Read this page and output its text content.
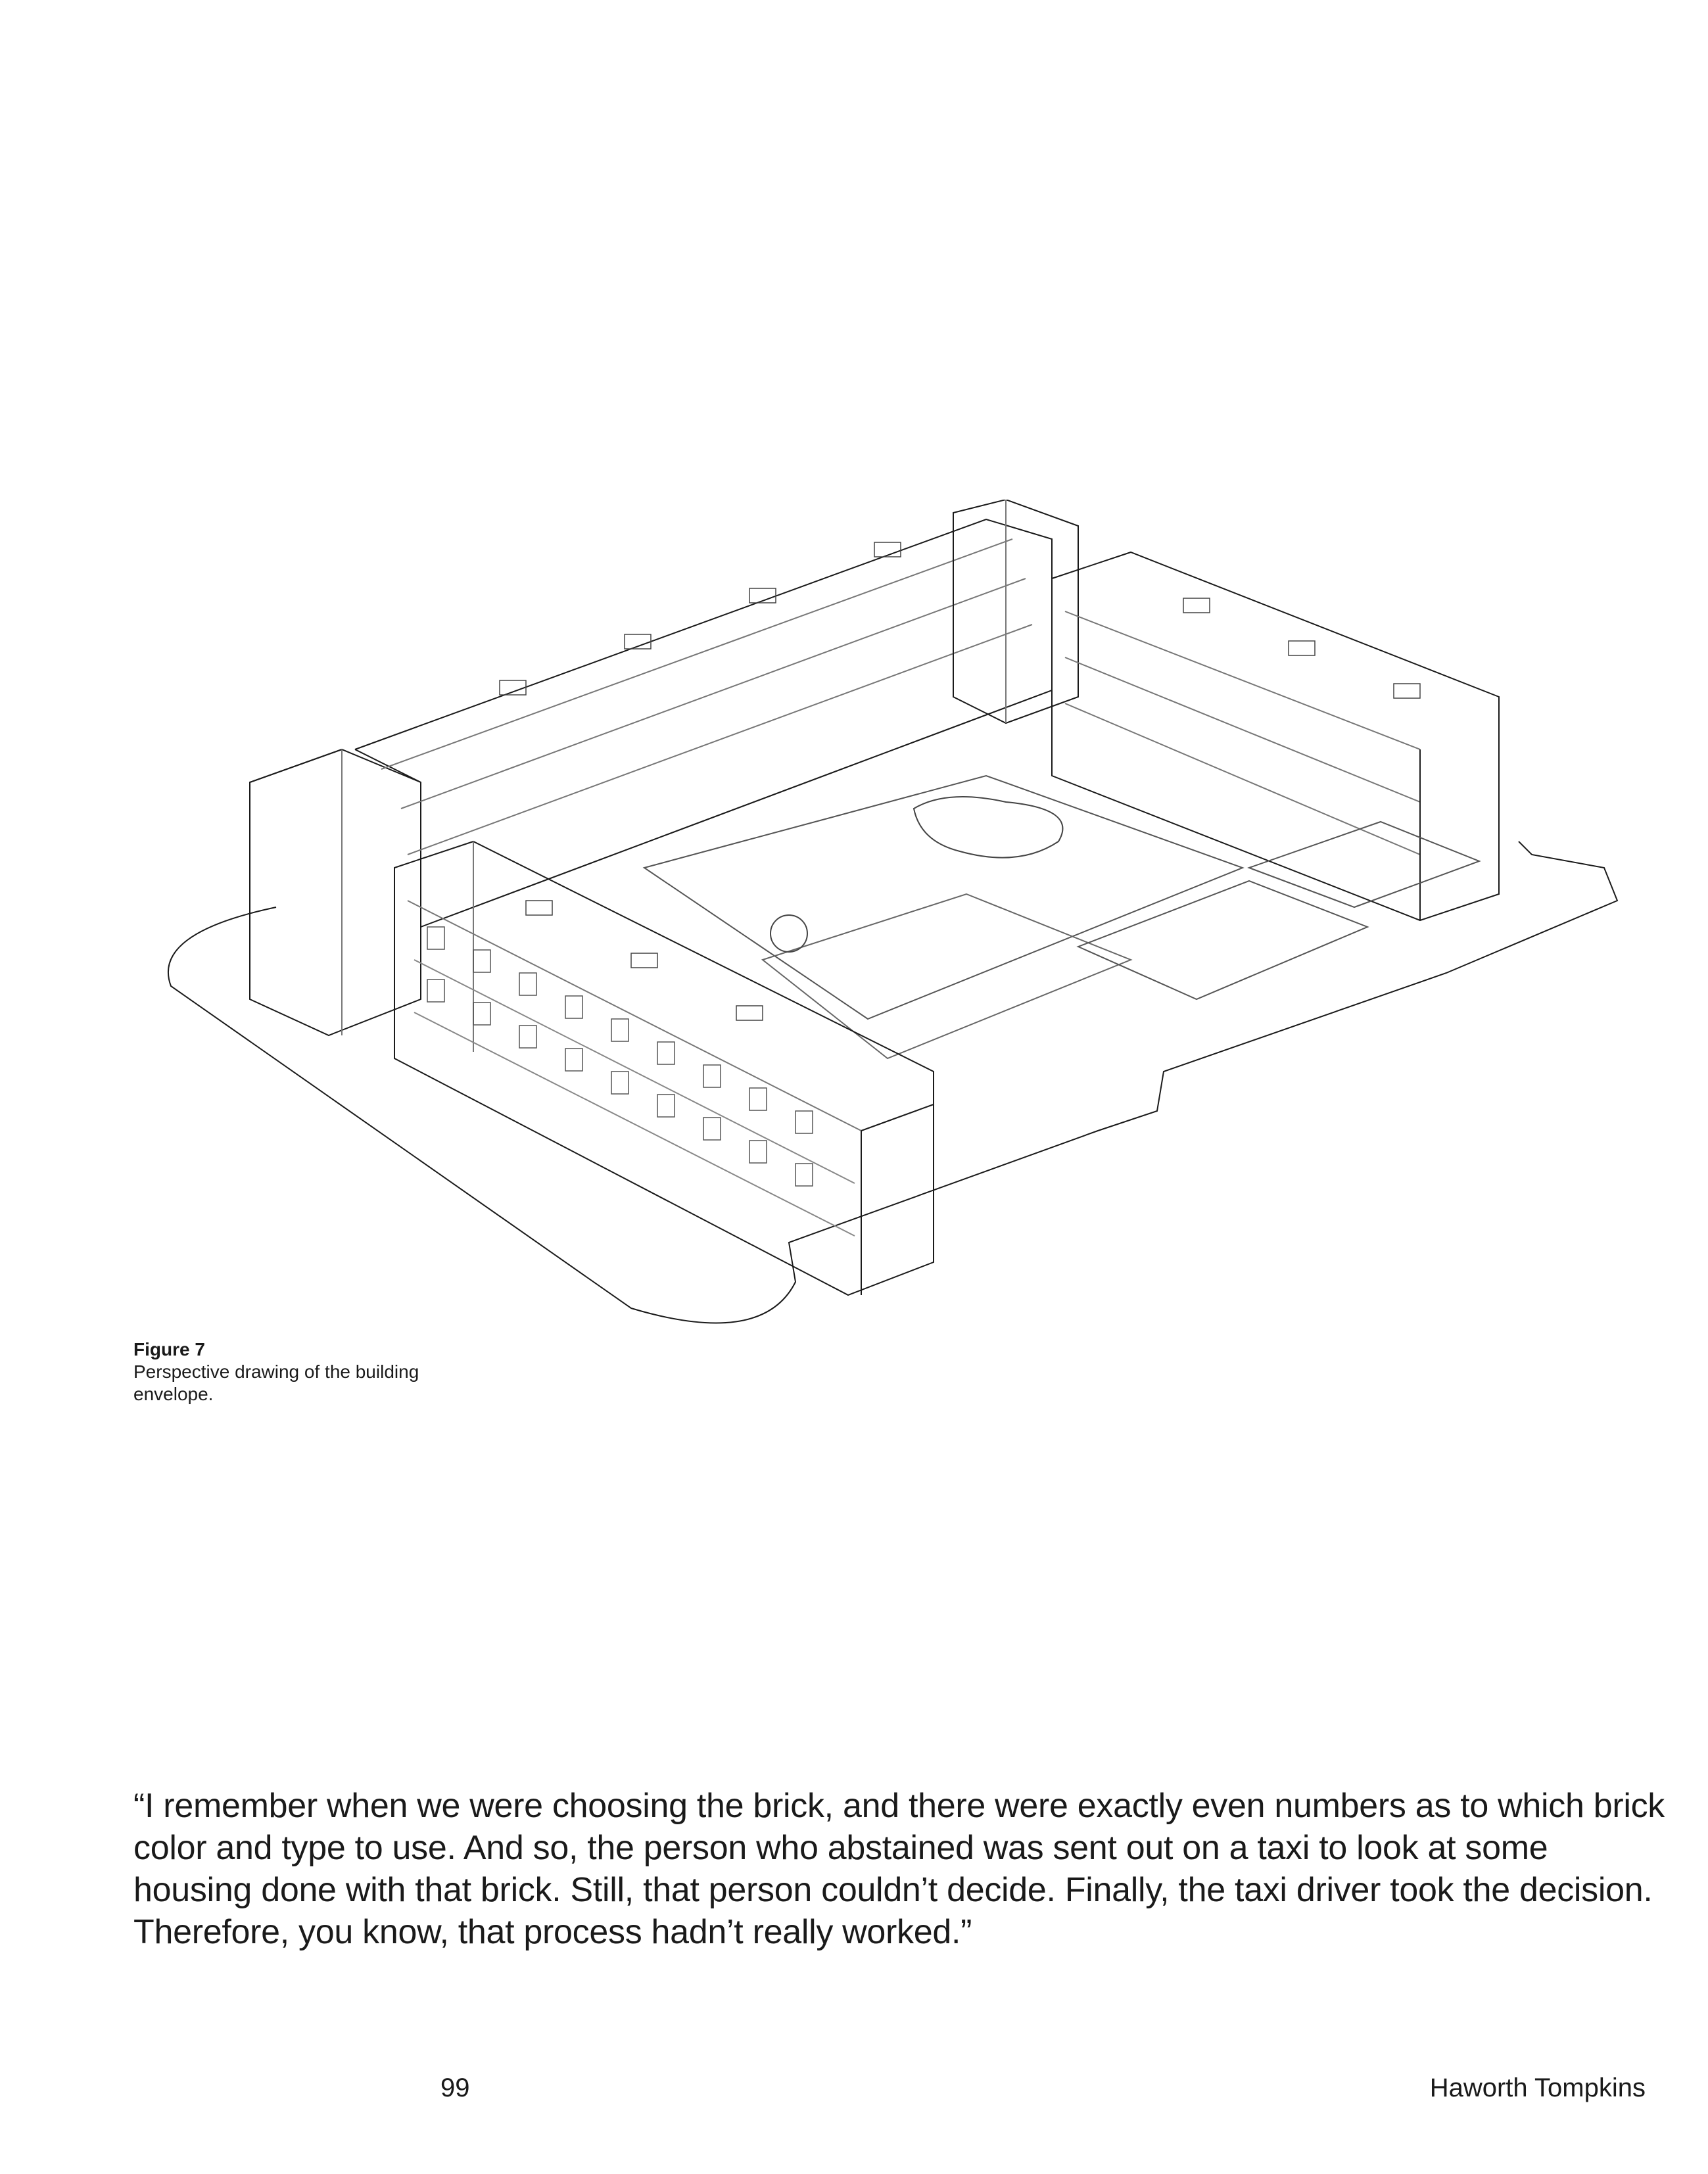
Figure 7
Perspective drawing of the building envelope.
“I remember when we were choosing the brick, and there were exactly even numbers as to which brick color and type to use. And so, the person who abstained was sent out on a taxi to look at some housing done with that brick. Still, that person couldn’t decide. Finally, the taxi driver took the decision. Therefore, you know, that process hadn’t really worked.”
99	Haworth Tompkins
